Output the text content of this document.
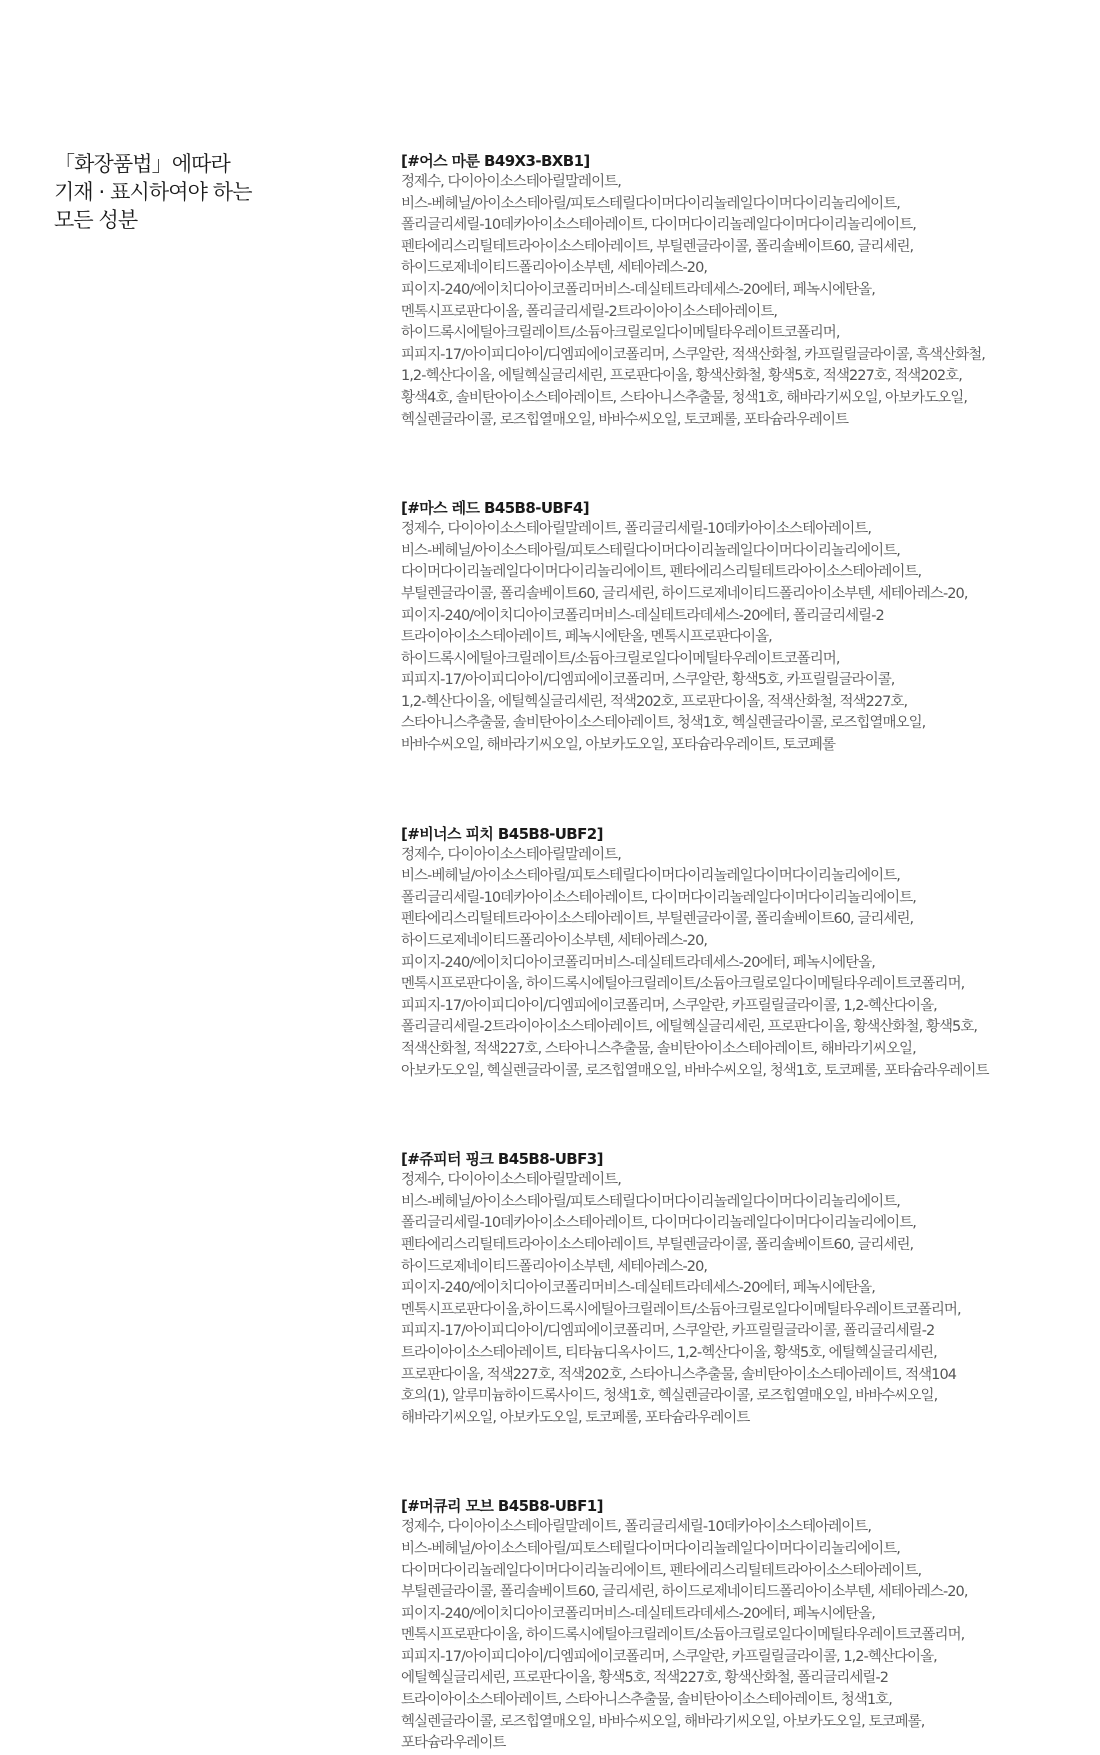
「화장품법」에따라
기재 · 표시하여야 하는
모든 성분
[#어스 마룬 B49X3-BXB1]
정제수, 다이아이소스테아릴말레이트,
비스-베헤닐/아이소스테아릴/피토스테릴다이머다이리놀레일다이머다이리놀리에이트,
폴리글리세릴-10데카아이소스테아레이트, 다이머다이리놀레일다이머다이리놀리에이트,
펜타에리스리틸테트라아이소스테아레이트, 부틸렌글라이콜, 폴리솔베이트60, 글리세린,
하이드로제네이티드폴리아이소부텐, 세테아레스-20,
피이지-240/에이치디아이코폴리머비스-데실테트라데세스-20에터, 페녹시에탄올,
멘톡시프로판다이올, 폴리글리세릴-2트라이아이소스테아레이트,
하이드록시에틸아크릴레이트/소듐아크릴로일다이메틸타우레이트코폴리머,
피피지-17/아이피디아이/디엠피에이코폴리머, 스쿠알란, 적색산화철, 카프릴릴글라이콜, 흑색산화철,
1,2-헥산다이올, 에틸헥실글리세린, 프로판다이올, 황색산화철, 황색5호, 적색227호, 적색202호,
황색4호, 솔비탄아이소스테아레이트, 스타아니스추출물, 청색1호, 해바라기씨오일, 아보카도오일,
헥실렌글라이콜, 로즈힙열매오일, 바바수씨오일, 토코페롤, 포타슘라우레이트
[#마스 레드 B45B8-UBF4]
정제수, 다이아이소스테아릴말레이트, 폴리글리세릴-10데카아이소스테아레이트,
비스-베헤닐/아이소스테아릴/피토스테릴다이머다이리놀레일다이머다이리놀리에이트,
다이머다이리놀레일다이머다이리놀리에이트, 펜타에리스리틸테트라아이소스테아레이트,
부틸렌글라이콜, 폴리솔베이트60, 글리세린, 하이드로제네이티드폴리아이소부텐, 세테아레스-20,
피이지-240/에이치디아이코폴리머비스-데실테트라데세스-20에터, 폴리글리세릴-2
트라이아이소스테아레이트, 페녹시에탄올, 멘톡시프로판다이올,
하이드록시에틸아크릴레이트/소듐아크릴로일다이메틸타우레이트코폴리머,
피피지-17/아이피디아이/디엠피에이코폴리머, 스쿠알란, 황색5호, 카프릴릴글라이콜,
1,2-헥산다이올, 에틸헥실글리세린, 적색202호, 프로판다이올, 적색산화철, 적색227호,
스타아니스추출물, 솔비탄아이소스테아레이트, 청색1호, 헥실렌글라이콜, 로즈힙열매오일,
바바수씨오일, 해바라기씨오일, 아보카도오일, 포타슘라우레이트, 토코페롤
[#비너스 피치 B45B8-UBF2]
정제수, 다이아이소스테아릴말레이트,
비스-베헤닐/아이소스테아릴/피토스테릴다이머다이리놀레일다이머다이리놀리에이트,
폴리글리세릴-10데카아이소스테아레이트, 다이머다이리놀레일다이머다이리놀리에이트,
펜타에리스리틸테트라아이소스테아레이트, 부틸렌글라이콜, 폴리솔베이트60, 글리세린,
하이드로제네이티드폴리아이소부텐, 세테아레스-20,
피이지-240/에이치디아이코폴리머비스-데실테트라데세스-20에터, 페녹시에탄올,
멘톡시프로판다이올, 하이드록시에틸아크릴레이트/소듐아크릴로일다이메틸타우레이트코폴리머,
피피지-17/아이피디아이/디엠피에이코폴리머, 스쿠알란, 카프릴릴글라이콜, 1,2-헥산다이올,
폴리글리세릴-2트라이아이소스테아레이트, 에틸헥실글리세린, 프로판다이올, 황색산화철, 황색5호,
적색산화철, 적색227호, 스타아니스추출물, 솔비탄아이소스테아레이트, 해바라기씨오일,
아보카도오일, 헥실렌글라이콜, 로즈힙열매오일, 바바수씨오일, 청색1호, 토코페롤, 포타슘라우레이트
[#쥬피터 핑크 B45B8-UBF3]
정제수, 다이아이소스테아릴말레이트,
비스-베헤닐/아이소스테아릴/피토스테릴다이머다이리놀레일다이머다이리놀리에이트,
폴리글리세릴-10데카아이소스테아레이트, 다이머다이리놀레일다이머다이리놀리에이트,
펜타에리스리틸테트라아이소스테아레이트, 부틸렌글라이콜, 폴리솔베이트60, 글리세린,
하이드로제네이티드폴리아이소부텐, 세테아레스-20,
피이지-240/에이치디아이코폴리머비스-데실테트라데세스-20에터, 페녹시에탄올,
멘톡시프로판다이올,하이드록시에틸아크릴레이트/소듐아크릴로일다이메틸타우레이트코폴리머,
피피지-17/아이피디아이/디엠피에이코폴리머, 스쿠알란, 카프릴릴글라이콜, 폴리글리세릴-2
트라이아이소스테아레이트, 티타늄디옥사이드, 1,2-헥산다이올, 황색5호, 에틸헥실글리세린,
프로판다이올, 적색227호, 적색202호, 스타아니스추출물, 솔비탄아이소스테아레이트, 적색104
호의(1), 알루미늄하이드록사이드, 청색1호, 헥실렌글라이콜, 로즈힙열매오일, 바바수씨오일,
해바라기씨오일, 아보카도오일, 토코페롤, 포타슘라우레이트
[#머큐리 모브 B45B8-UBF1]
정제수, 다이아이소스테아릴말레이트, 폴리글리세릴-10데카아이소스테아레이트,
비스-베헤닐/아이소스테아릴/피토스테릴다이머다이리놀레일다이머다이리놀리에이트,
다이머다이리놀레일다이머다이리놀리에이트, 펜타에리스리틸테트라아이소스테아레이트,
부틸렌글라이콜, 폴리솔베이트60, 글리세린, 하이드로제네이티드폴리아이소부텐, 세테아레스-20,
피이지-240/에이치디아이코폴리머비스-데실테트라데세스-20에터, 페녹시에탄올,
멘톡시프로판다이올, 하이드록시에틸아크릴레이트/소듐아크릴로일다이메틸타우레이트코폴리머,
피피지-17/아이피디아이/디엠피에이코폴리머, 스쿠알란, 카프릴릴글라이콜, 1,2-헥산다이올,
에틸헥실글리세린, 프로판다이올, 황색5호, 적색227호, 황색산화철, 폴리글리세릴-2
트라이아이소스테아레이트, 스타아니스추출물, 솔비탄아이소스테아레이트, 청색1호,
헥실렌글라이콜, 로즈힙열매오일, 바바수씨오일, 해바라기씨오일, 아보카도오일, 토코페롤,
포타슘라우레이트
